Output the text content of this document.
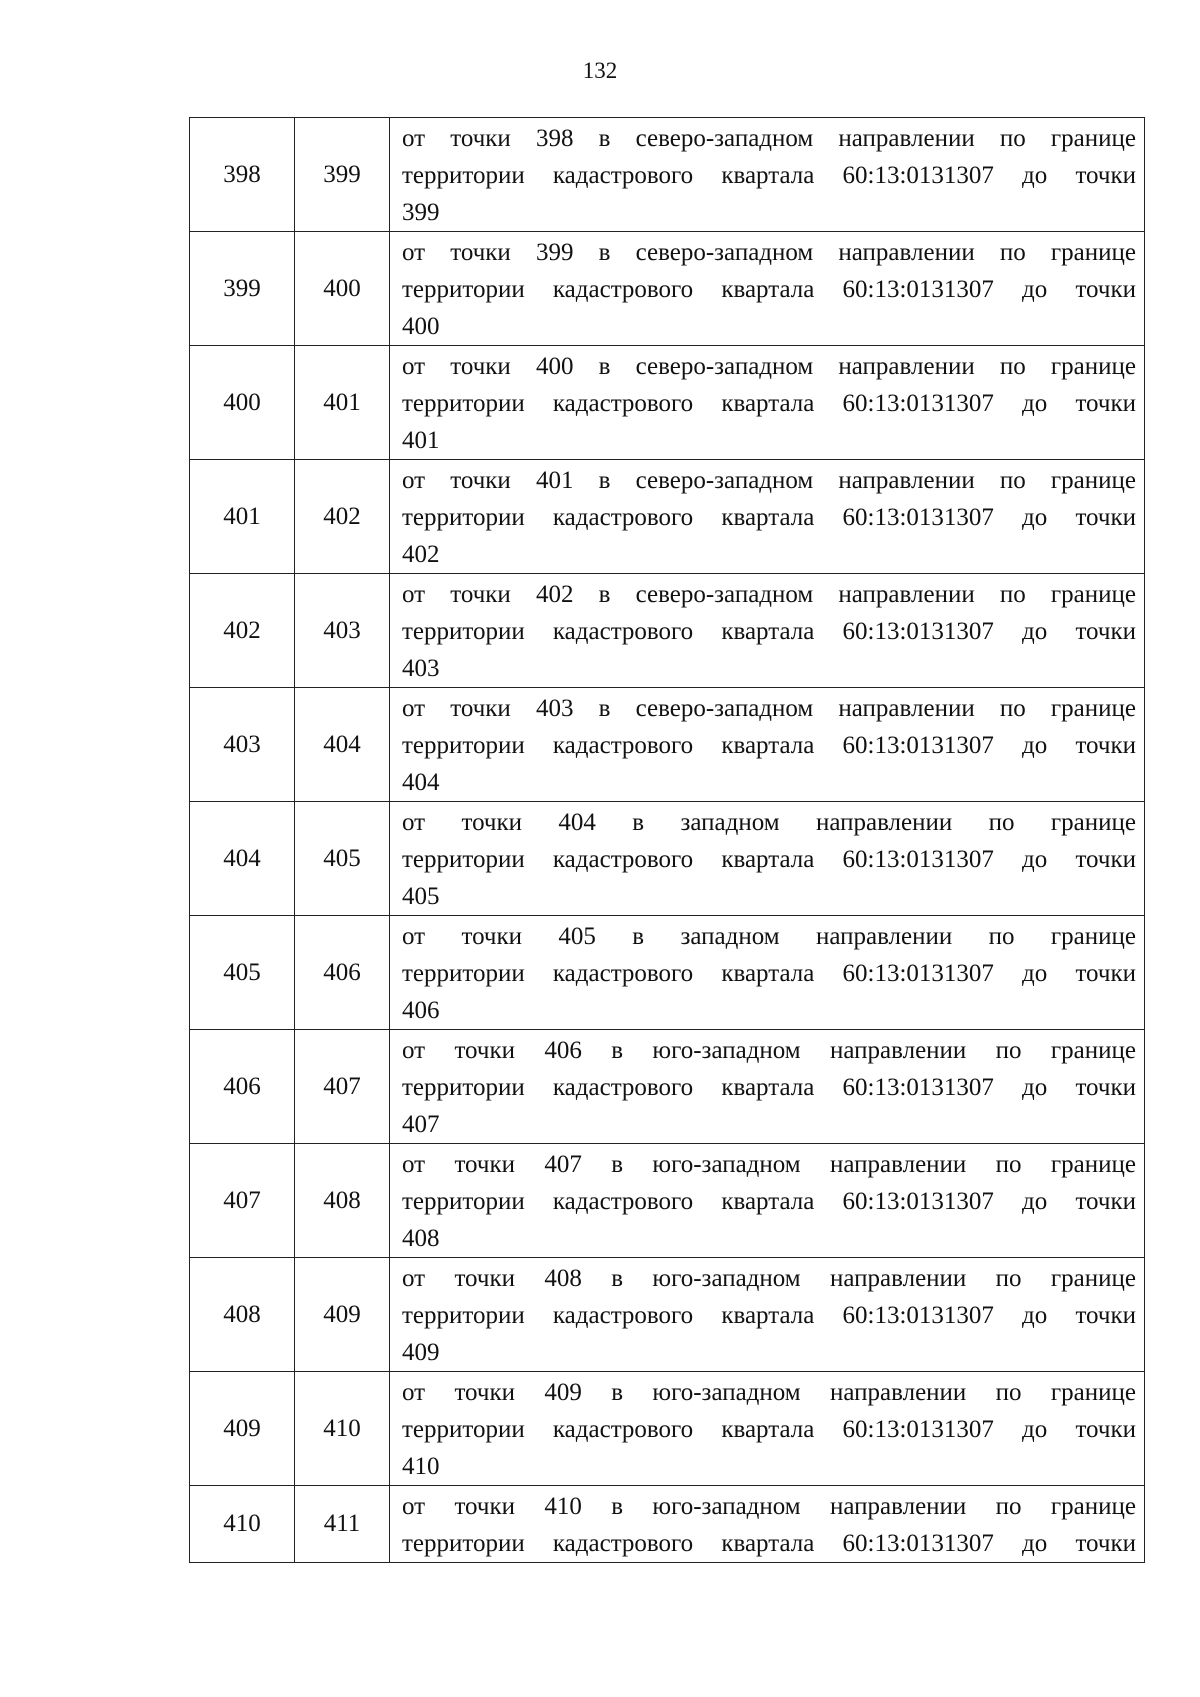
132
398	399	от точки 398 в северо-западном направлении по границе
территории кадастрового квартала 60:13:0131307 до точки
399

399	400	от точки 399 в северо-западном направлении по границе
территории кадастрового квартала 60:13:0131307 до точки
400

400	401	от точки 400 в северо-западном направлении по границе
территории кадастрового квартала 60:13:0131307 до точки
401

401	402	от точки 401 в северо-западном направлении по границе
территории кадастрового квартала 60:13:0131307 до точки
402

402	403	от точки 402 в северо-западном направлении по границе
территории кадастрового квартала 60:13:0131307 до точки
403

403	404	от точки 403 в северо-западном направлении по границе
территории кадастрового квартала 60:13:0131307 до точки
404

404	405	от точки 404 в западном направлении по границе
территории кадастрового квартала 60:13:0131307 до точки
405

405	406	от точки 405 в западном направлении по границе
территории кадастрового квартала 60:13:0131307 до точки
406

406	407	от точки 406 в юго-западном направлении по границе
территории кадастрового квартала 60:13:0131307 до точки
407

407	408	от точки 407 в юго-западном направлении по границе
территории кадастрового квартала 60:13:0131307 до точки
408

408	409	от точки 408 в юго-западном направлении по границе
территории кадастрового квартала 60:13:0131307 до точки
409

409	410	от точки 409 в юго-западном направлении по границе
территории кадастрового квартала 60:13:0131307 до точки
410

410	411	от точки 410 в юго-западном направлении по границе
территории кадастрового квартала 60:13:0131307 до точки
